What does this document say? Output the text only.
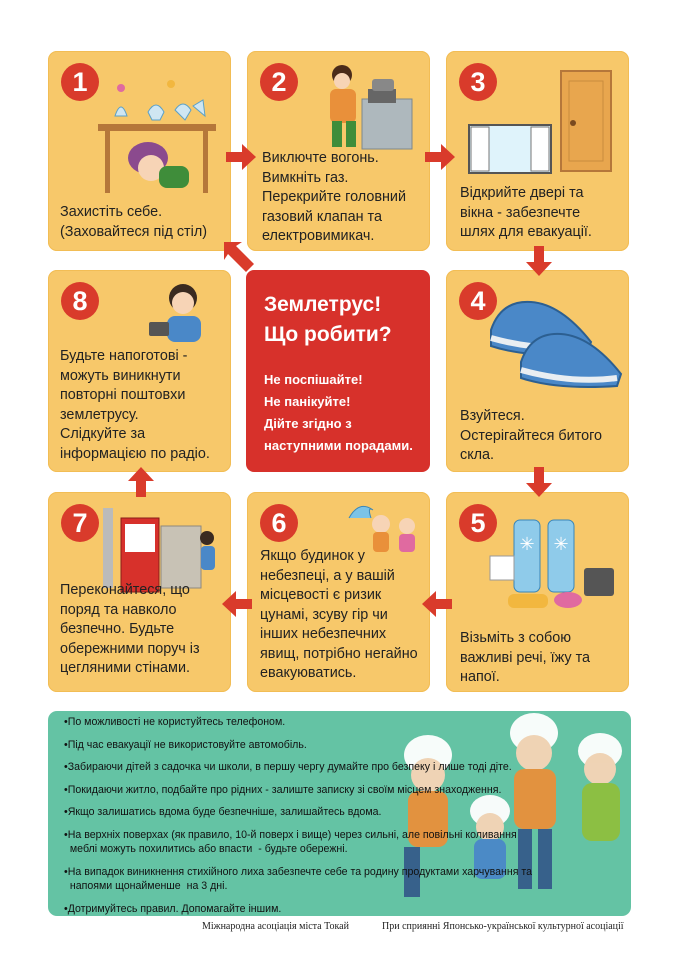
1
Захистіть себе.
(Заховайтеся під стіл)
2
Виключте вогонь.
Вимкніть газ.
Перекрийте головний
газовий клапан та
електровимикач.
3
Відкрийте двері та
вікна - забезпечте
шлях для евакуації.
8
Будьте напоготові -
можуть виникнути
повторні поштовхи
землетрусу.
Слідкуйте за
інформацією по радіо.
Землетрус!
Що робити?
Не поспішайте!
Не панікуйте!
Дійте згідно з
наступними порадами.
4
Взуйтеся.
Остерігайтеся битого
скла.
7
Переконайтеся, що
поряд та навколо
безпечно. Будьте
обережними поруч із
цегляними стінами.
6
Якщо будинок у
небезпеці, а у вашій
місцевості є ризик
цунамі, зсуву гір чи
інших небезпечних
явищ, потрібно негайно
евакуюватись.
5
✳ ✳
Візьміть з собою
важливі речі, їжу та
напої.
•По можливості не користуйтесь телефоном.
•Під час евакуації не використовуйте автомобіль.
•Забираючи дітей з садочка чи школи, в першу чергу думайте про безпеку і лише тоді діте.
•Покидаючи житло, подбайте про рідних - залиште записку зі своїм місцем знаходження.
•Якщо залишатись вдома буде безпечніше, залишайтесь вдома.
•На верхніх поверхах (як правило, 10-й поверх і вище) через сильні, але повільні коливання
меблі можуть похилитись або впасти  - будьте обережні.
•На випадок виникнення стихійного лиха забезпечте себе та родину продуктами харчування та
напоями щонайменше  на 3 дні.
•Дотримуйтесь правил. Допомагайте іншим.
Міжнародна асоціація міста Токай	При сприянні Японсько-української культурної асоціації
